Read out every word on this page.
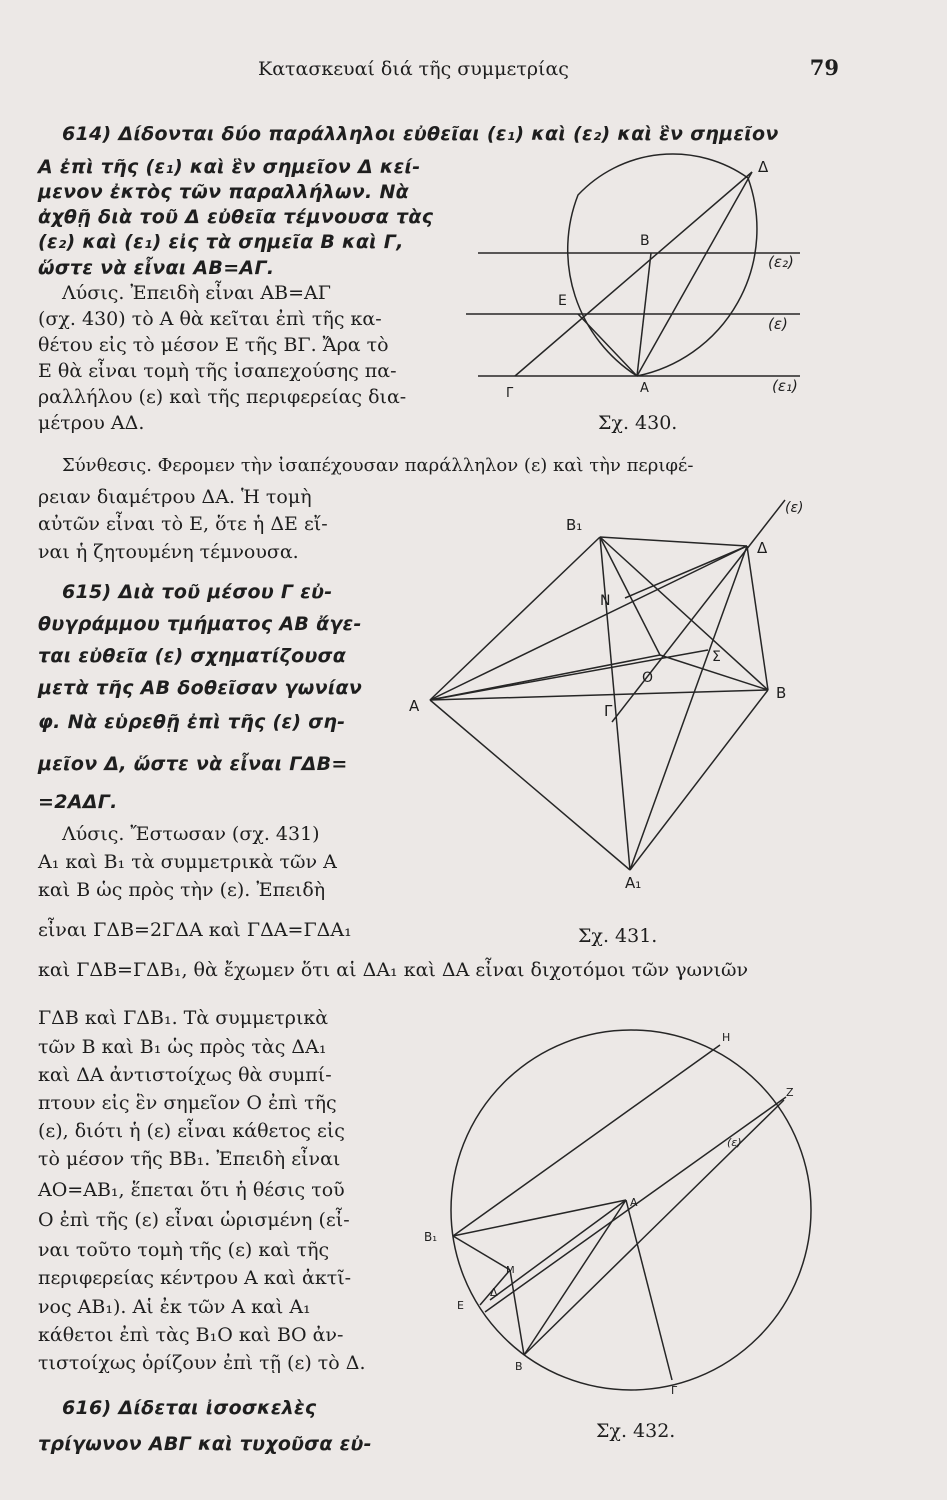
Κατασκευαί διά τῆς συμμετρίας	79
614) Δίδονται δύο παράλληλοι εὐθεῖαι (ε₁) καὶ (ε₂) καὶ ἓν σημεῖον
Α ἐπὶ τῆς (ε₁) καὶ ἓν σημεῖον Δ κεί-
μενον ἐκτὸς τῶν παραλλήλων. Νὰ
ἀχθῇ διὰ τοῦ Δ εὐθεῖα τέμνουσα τὰς
(ε₂) καὶ (ε₁) εἰς τὰ σημεῖα Β καὶ Γ,
ὥστε νὰ εἶναι ΑΒ=ΑΓ.
Λύσις. Ἐπειδὴ εἶναι ΑΒ=ΑΓ
(σχ. 430) τὸ Α θὰ κεῖται ἐπὶ τῆς κα-
θέτου εἰς τὸ μέσον Ε τῆς ΒΓ. Ἄρα τὸ
Ε θὰ εἶναι τομὴ τῆς ἰσαπεχούσης πα-
ραλλήλου (ε) καὶ τῆς περιφερείας δια-
μέτρου ΑΔ.
Σύνθεσις. Φερομεν τὴν ἰσαπέχουσαν παράλληλον (ε) καὶ τὴν περιφέ-
ρειαν διαμέτρου ΔΑ. Ἡ τομὴ
αὐτῶν εἶναι τὸ Ε, ὅτε ἡ ΔΕ εἴ-
ναι ἡ ζητουμένη τέμνουσα.
615) Διὰ τοῦ μέσου Γ εὐ-
θυγράμμου τμήματος ΑΒ ἄγε-
ται εὐθεῖα (ε) σχηματίζουσα
μετὰ τῆς ΑΒ δοθεῖσαν γωνίαν
φ. Νὰ εὑρεθῇ ἐπὶ τῆς (ε) ση-
μεῖον Δ, ὥστε νὰ εἶναι ΓΔΒ=
=2ΑΔΓ.
Λύσις. Ἔστωσαν (σχ. 431)
Α₁ καὶ Β₁ τὰ συμμετρικὰ τῶν Α
καὶ Β ὡς πρὸς τὴν (ε). Ἐπειδὴ
εἶναι ΓΔΒ=2ΓΔΑ καὶ ΓΔΑ=ΓΔΑ₁
καὶ ΓΔΒ=ΓΔΒ₁, θὰ ἔχωμεν ὅτι αἱ ΔΑ₁ καὶ ΔΑ εἶναι διχοτόμοι τῶν γωνιῶν
ΓΔΒ καὶ ΓΔΒ₁. Τὰ συμμετρικὰ
τῶν Β καὶ Β₁ ὡς πρὸς τὰς ΔΑ₁
καὶ ΔΑ ἀντιστοίχως θὰ συμπί-
πτουν εἰς ἓν σημεῖον Ο ἐπὶ τῆς
(ε), διότι ἡ (ε) εἶναι κάθετος εἰς
τὸ μέσον τῆς ΒΒ₁. Ἐπειδὴ εἶναι
ΑΟ=ΑΒ₁, ἕπεται ὅτι ἡ θέσις τοῦ
Ο ἐπὶ τῆς (ε) εἶναι ὡρισμένη (εἶ-
ναι τοῦτο τομὴ τῆς (ε) καὶ τῆς
περιφερείας κέντρου Α καὶ ἀκτῖ-
νος ΑΒ₁). Αἱ ἐκ τῶν Α καὶ Α₁
κάθετοι ἐπὶ τὰς Β₁Ο καὶ ΒΟ ἀν-
τιστοίχως ὁρίζουν ἐπὶ τῇ (ε) τὸ Δ.
616) Δίδεται ἰσοσκελὲς
τρίγωνον ΑΒΓ καὶ τυχοῦσα εὐ-
Δ
Β
Ε
Γ	Α
(ε₂)
(ε)
(ε₁)
Σχ. 430.
Β₁
Δ
Ν
Σ
Ο
Α	Γ
Β
Α₁
(ε)
Σχ. 431.
Η
Ζ
(ε)
Α
Β₁
Μ
Δ
Ε
Β
Γ
Σχ. 432.
